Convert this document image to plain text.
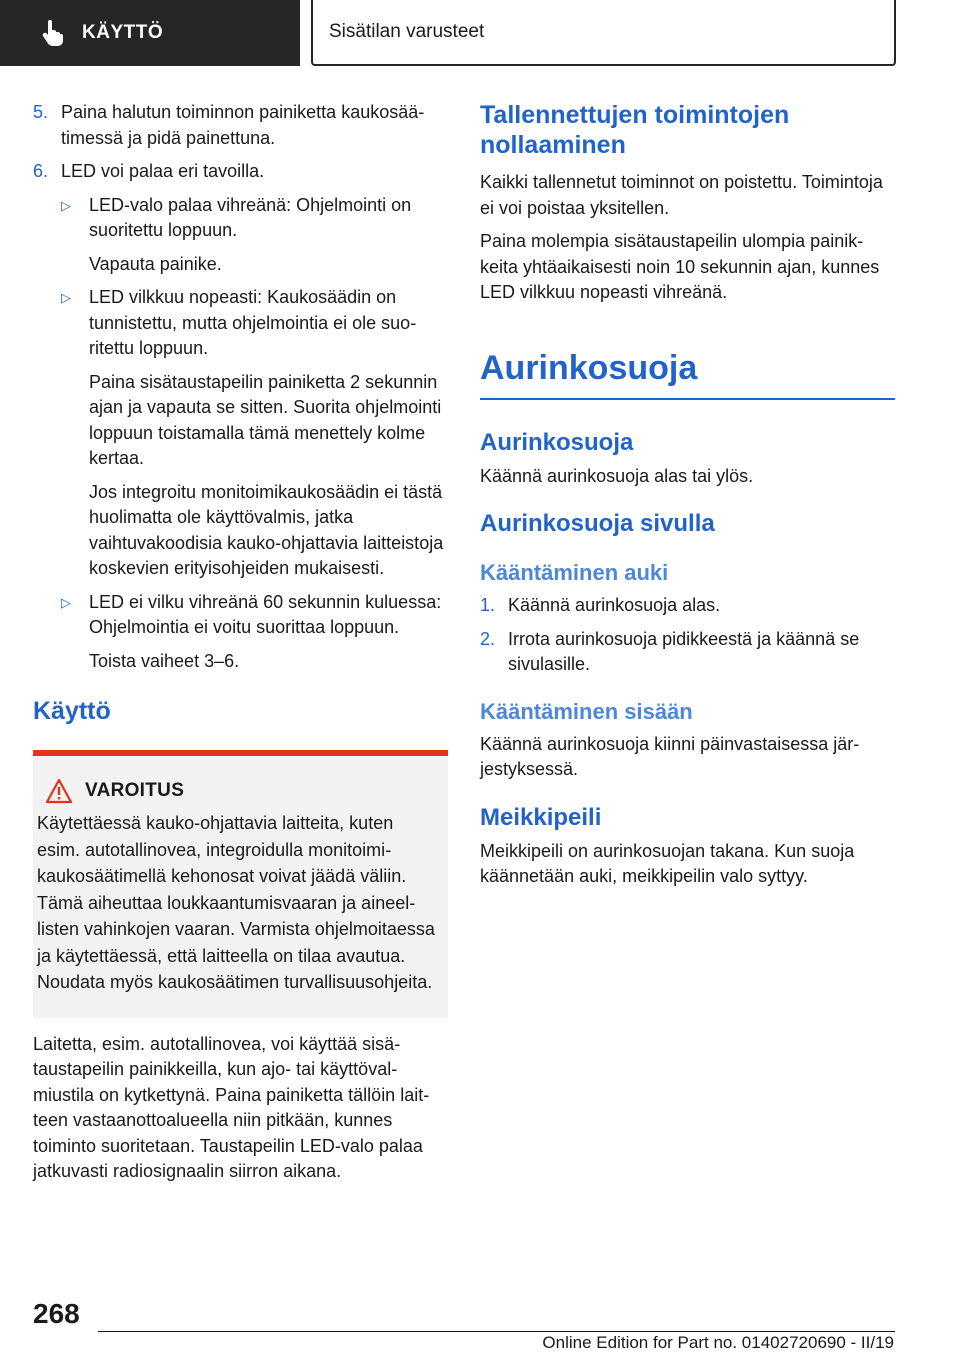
KÄYTTÖ	Sisätilan varusteet
5. Paina halutun toiminnon painiketta kaukosäätimessä ja pidä painettuna.
6. LED voi palaa eri tavoilla.
▷	LED-valo palaa vihreänä: Ohjelmointi on suoritettu loppuun.

Vapauta painike.

▷	LED vilkkuu nopeasti: Kaukosäädin on tunnistettu, mutta ohjelmointia ei ole suoritettu loppuun.

Paina sisätaustapeilin painiketta 2 sekunnin ajan ja vapauta se sitten. Suorita ohjelmointi loppuun toistamalla tämä menettely kolme kertaa.

Jos integroitu monitoimikaukosäädin ei tästä huolimatta ole käyttövalmis, jatka vaihtuvakoodisia kauko-ohjattavia laitteistoja koskevien erityisohjeiden mukaisesti.

▷	LED ei vilku vihreänä 60 sekunnin kuluessa: Ohjelmointia ei voitu suorittaa loppuun.

Toista vaiheet 3–6.

Käyttö
VAROITUS

Käytettäessä kauko-ohjattavia laitteita, kuten esim. autotallinovea, integroidulla monitoimikaukosäätimellä kehonosat voivat jäädä väliin. Tämä aiheuttaa loukkaantumisvaaran ja aineellisten vahinkojen vaaran. Varmista ohjelmoitaessa ja käytettäessä, että laitteella on tilaa avautua. Noudata myös kaukosäätimen turvallisuusohjeita.

Laitetta, esim. autotallinovea, voi käyttää sisätaustapeilin painikkeilla, kun ajo- tai käyttövalmiustila on kytkettynä. Paina painiketta tällöin laitteen vastaanottoalueella niin pitkään, kunnes toiminto suoritetaan. Taustapeilin LED-valo palaa jatkuvasti radiosignaalin siirron aikana.

Tallennettujen toimintojen nollaaminen

Kaikki tallennetut toiminnot on poistettu. Toimintoja ei voi poistaa yksitellen.

Paina molempia sisätaustapeilin ulompia painikkeita yhtäaikaisesti noin 10 sekunnin ajan, kunnes LED vilkkuu nopeasti vihreänä.

Aurinkosuoja
Aurinkosuoja

Käännä aurinkosuoja alas tai ylös.

Aurinkosuoja sivulla
Kääntäminen auki
1. Käännä aurinkosuoja alas.
2. Irrota aurinkosuoja pidikkeestä ja käännä se sivulasille.
Kääntäminen sisään

Käännä aurinkosuoja kiinni päinvastaisessa järjestyksessä.

Meikkipeili

Meikkipeili on aurinkosuojan takana. Kun suoja käännetään auki, meikkipeilin valo syttyy.

268
Online Edition for Part no. 01402720690 - II/19
